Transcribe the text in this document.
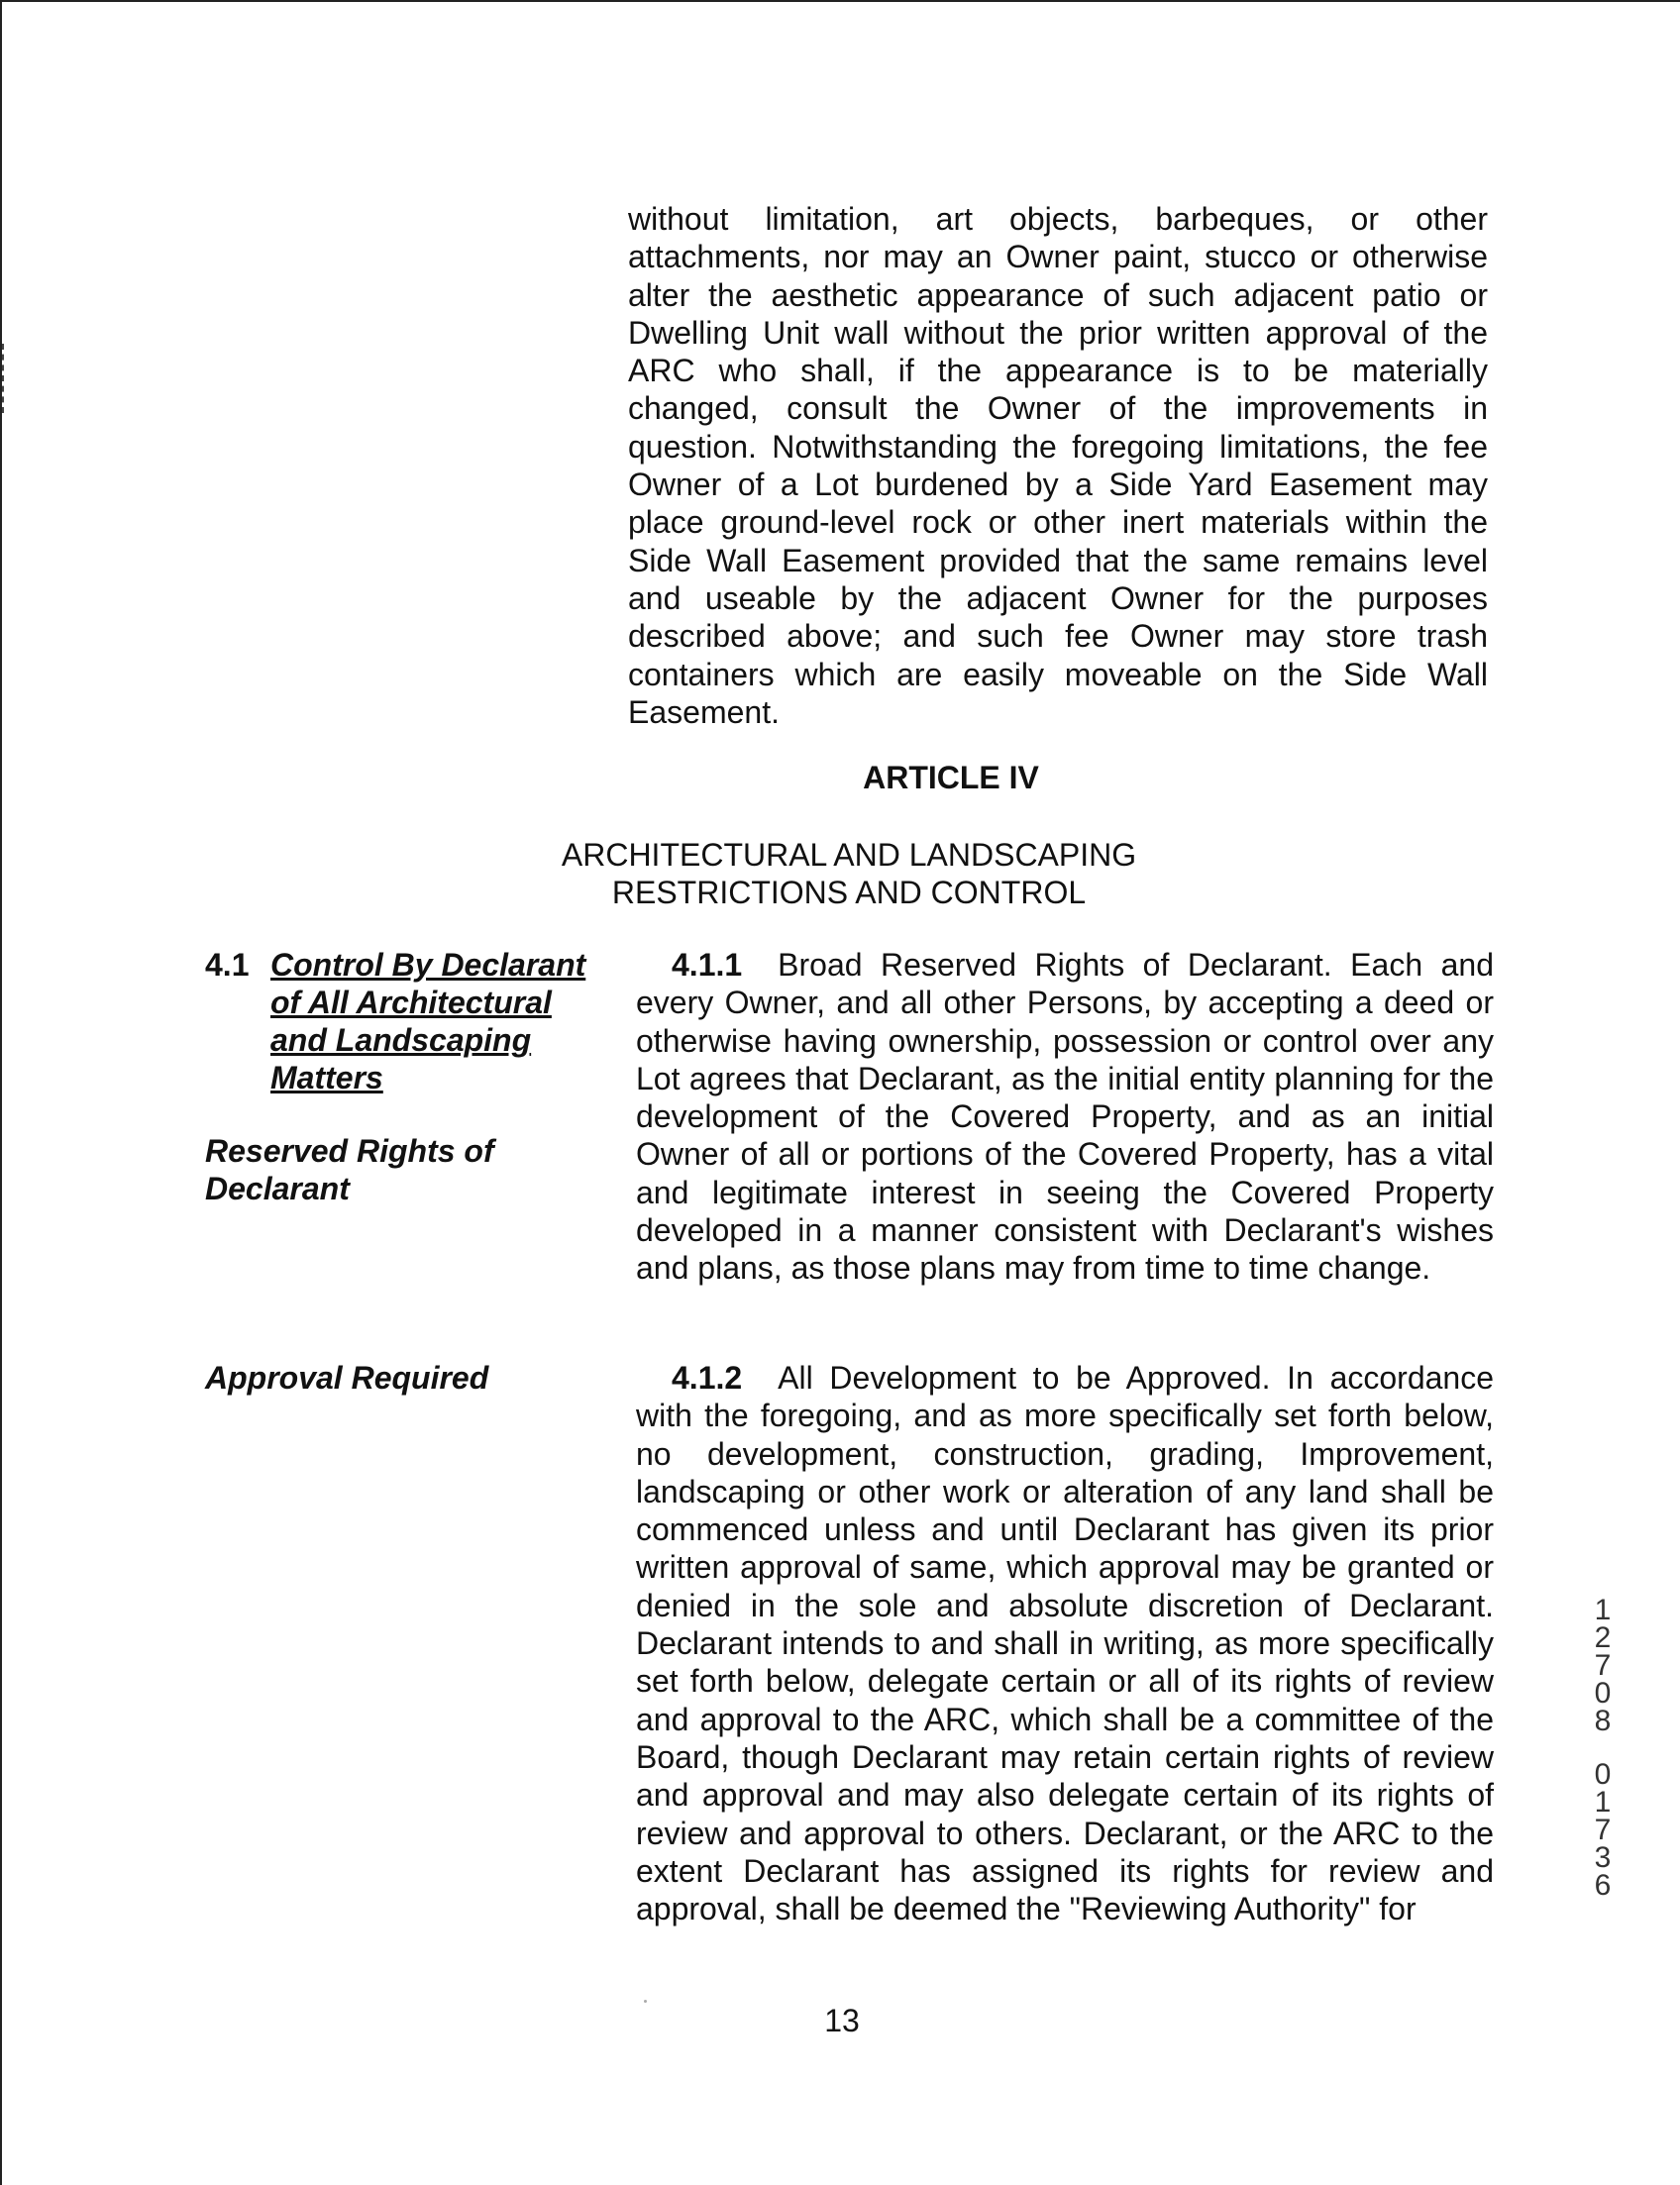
without limitation, art objects, barbeques, or other attachments, nor may an Owner paint, stucco or otherwise alter the aesthetic appearance of such adjacent patio or Dwelling Unit wall without the prior written approval of the ARC who shall, if the appearance is to be materially changed, consult the Owner of the improvements in question. Notwithstanding the foregoing limitations, the fee Owner of a Lot burdened by a Side Yard Easement may place ground-level rock or other inert materials within the Side Wall Easement provided that the same remains level and useable by the adjacent Owner for the purposes described above; and such fee Owner may store trash containers which are easily moveable on the Side Wall Easement.

ARTICLE IV
ARCHITECTURAL AND LANDSCAPING
RESTRICTIONS AND CONTROL
4.1 Control By Declarant
of All Architectural
and Landscaping
Matters
Reserved Rights of
Declarant
Approval Required

4.1.1 Broad Reserved Rights of Declarant. Each and every Owner, and all other Persons, by accepting a deed or otherwise having ownership, possession or control over any Lot agrees that Declarant, as the initial entity planning for the development of the Covered Property, and as an initial Owner of all or portions of the Covered Property, has a vital and legitimate interest in seeing the Covered Property developed in a manner consistent with Declarant's wishes and plans, as those plans may from time to time change.

4.1.2 All Development to be Approved. In accordance with the foregoing, and as more specifically set forth below, no development, construction, grading, Improvement, landscaping or other work or alteration of any land shall be commenced unless and until Declarant has given its prior written approval of same, which approval may be granted or denied in the sole and absolute discretion of Declarant. Declarant intends to and shall in writing, as more specifically set forth below, delegate certain or all of its rights of review and approval to the ARC, which shall be a committee of the Board, though Declarant may retain certain rights of review and approval and may also delegate certain of its rights of review and approval to others. Declarant, or the ARC to the extent Declarant has assigned its rights for review and approval, shall be deemed the "Reviewing Authority" for

13
1
2
7
0
8
0
1
7
3
6
